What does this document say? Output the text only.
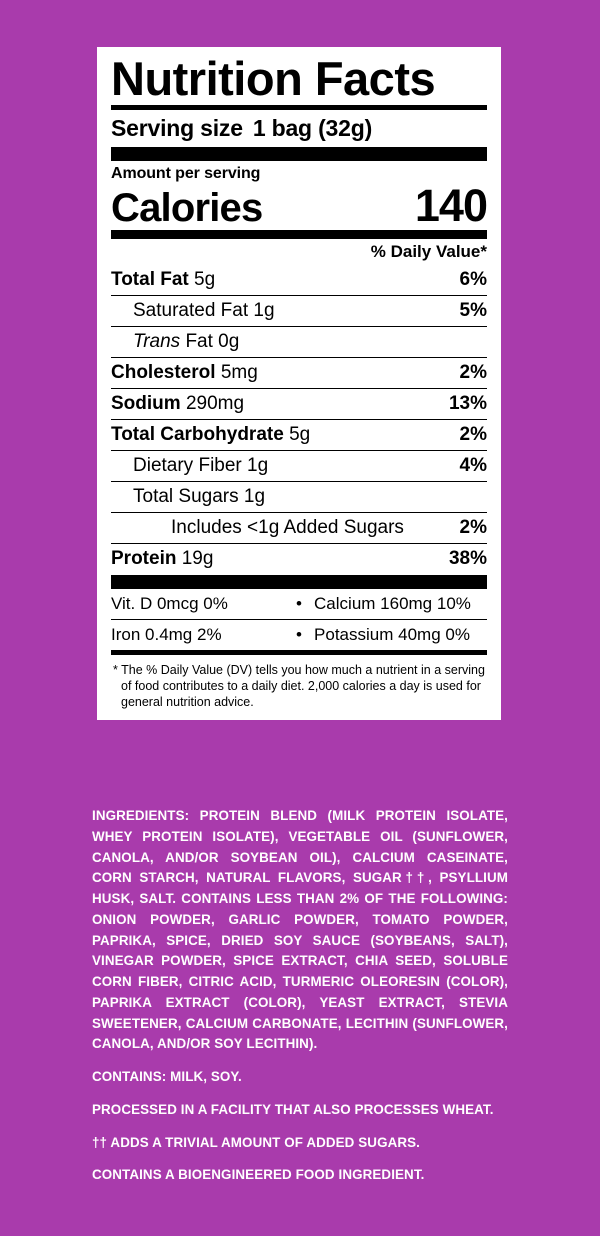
Nutrition Facts
Serving size 1 bag (32g)
Amount per serving
Calories	140
% Daily Value*
Total Fat 5g	6%
Saturated Fat 1g	5%
Trans Fat 0g
Cholesterol 5mg	2%
Sodium 290mg	13%
Total Carbohydrate 5g	2%
Dietary Fiber 1g	4%
Total Sugars 1g
Includes <1g Added Sugars	2%
Protein 19g	38%
Vit. D 0mcg 0%	• Calcium 160mg 10%
Iron 0.4mg 2%	• Potassium 40mg 0%
* The % Daily Value (DV) tells you how much a nutrient in a serving of food contributes to a daily diet. 2,000 calories a day is used for general nutrition advice.

INGREDIENTS: PROTEIN BLEND (MILK PROTEIN ISOLATE, WHEY PROTEIN ISOLATE), VEGETABLE OIL (SUNFLOWER, CANOLA, AND/OR SOYBEAN OIL), CALCIUM CASEINATE, CORN STARCH, NATURAL FLAVORS, SUGAR††, PSYLLIUM HUSK, SALT. CONTAINS LESS THAN 2% OF THE FOLLOWING: ONION POWDER, GARLIC POWDER, TOMATO POWDER, PAPRIKA, SPICE, DRIED SOY SAUCE (SOYBEANS, SALT), VINEGAR POWDER, SPICE EXTRACT, CHIA SEED, SOLUBLE CORN FIBER, CITRIC ACID, TURMERIC OLEORESIN (COLOR), PAPRIKA EXTRACT (COLOR), YEAST EXTRACT, STEVIA SWEETENER, CALCIUM CARBONATE, LECITHIN (SUNFLOWER, CANOLA, AND/OR SOY LECITHIN).

CONTAINS: MILK, SOY.

PROCESSED IN A FACILITY THAT ALSO PROCESSES WHEAT.

†† ADDS A TRIVIAL AMOUNT OF ADDED SUGARS.

CONTAINS A BIOENGINEERED FOOD INGREDIENT.
